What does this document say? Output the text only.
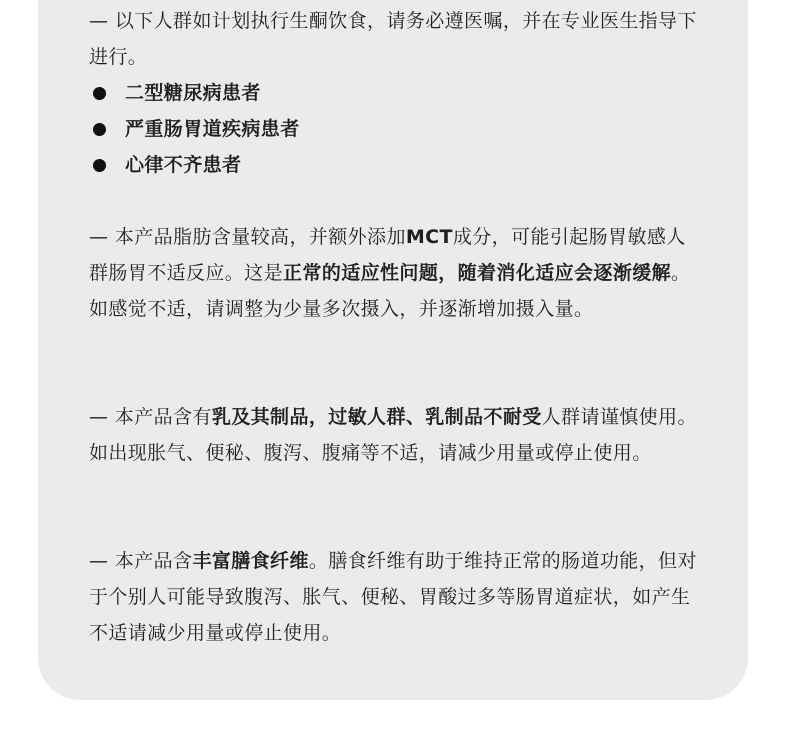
— 以下人群如计划执行生酮饮食，请务必遵医嘱，并在专业医生指导下进行。

二型糖尿病患者
严重肠胃道疾病患者
心律不齐患者

— 本产品脂肪含量较高，并额外添加MCT成分，可能引起肠胃敏感人群肠胃不适反应。这是正常的适应性问题，随着消化适应会逐渐缓解。如感觉不适，请调整为少量多次摄入，并逐渐增加摄入量。

— 本产品含有乳及其制品，过敏人群、乳制品不耐受人群请谨慎使用。如出现胀气、便秘、腹泻、腹痛等不适，请减少用量或停止使用。

— 本产品含丰富膳食纤维。膳食纤维有助于维持正常的肠道功能，但对于个别人可能导致腹泻、胀气、便秘、胃酸过多等肠胃道症状，如产生不适请减少用量或停止使用。
